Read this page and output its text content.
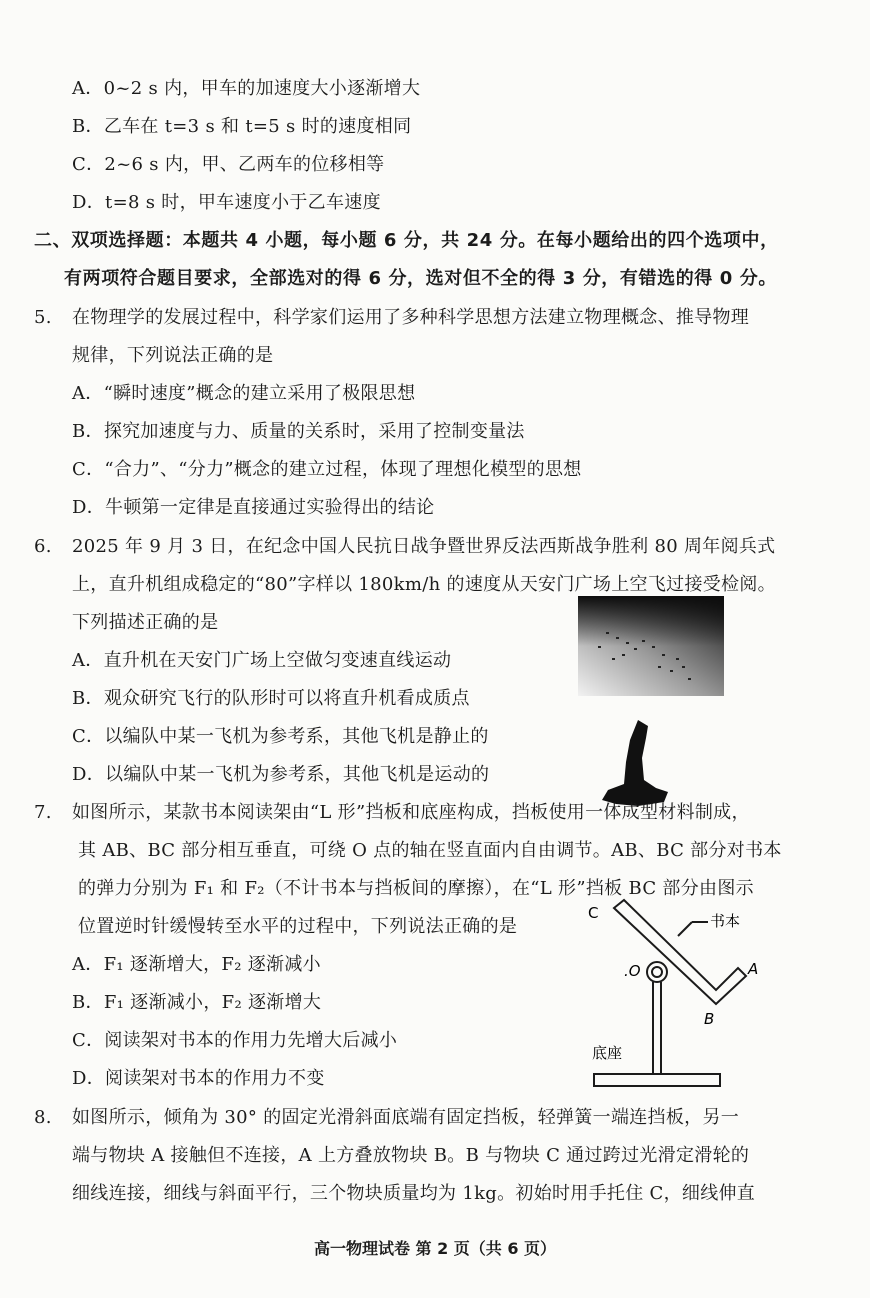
A．0~2 s 内，甲车的加速度大小逐渐增大
B．乙车在 t=3 s 和 t=5 s 时的速度相同
C．2~6 s 内，甲、乙两车的位移相等
D．t=8 s 时，甲车速度小于乙车速度
二、双项选择题：本题共 4 小题，每小题 6 分，共 24 分。在每小题给出的四个选项中，
有两项符合题目要求，全部选对的得 6 分，选对但不全的得 3 分，有错选的得 0 分。
5. 在物理学的发展过程中，科学家们运用了多种科学思想方法建立物理概念、推导物理
规律，下列说法正确的是
A．“瞬时速度”概念的建立采用了极限思想
B．探究加速度与力、质量的关系时，采用了控制变量法
C．“合力”、“分力”概念的建立过程，体现了理想化模型的思想
D．牛顿第一定律是直接通过实验得出的结论
6. 2025 年 9 月 3 日，在纪念中国人民抗日战争暨世界反法西斯战争胜利 80 周年阅兵式
上，直升机组成稳定的“80”字样以 180km/h 的速度从天安门广场上空飞过接受检阅。
下列描述正确的是
A．直升机在天安门广场上空做匀变速直线运动
B．观众研究飞行的队形时可以将直升机看成质点
C．以编队中某一飞机为参考系，其他飞机是静止的
D．以编队中某一飞机为参考系，其他飞机是运动的
7. 如图所示，某款书本阅读架由“L 形”挡板和底座构成，挡板使用一体成型材料制成，
其 AB、BC 部分相互垂直，可绕 O 点的轴在竖直面内自由调节。AB、BC 部分对书本
的弹力分别为 F₁ 和 F₂（不计书本与挡板间的摩擦），在“L 形”挡板 BC 部分由图示
位置逆时针缓慢转至水平的过程中，下列说法正确的是
A．F₁ 逐渐增大，F₂ 逐渐减小
B．F₁ 逐渐减小，F₂ 逐渐增大
C．阅读架对书本的作用力先增大后减小
D．阅读架对书本的作用力不变
C	书本
.O	A
B
底座
8. 如图所示，倾角为 30° 的固定光滑斜面底端有固定挡板，轻弹簧一端连挡板，另一
端与物块 A 接触但不连接，A 上方叠放物块 B。B 与物块 C 通过跨过光滑定滑轮的
细线连接，细线与斜面平行，三个物块质量均为 1kg。初始时用手托住 C，细线伸直
高一物理试卷 第 2 页（共 6 页）
